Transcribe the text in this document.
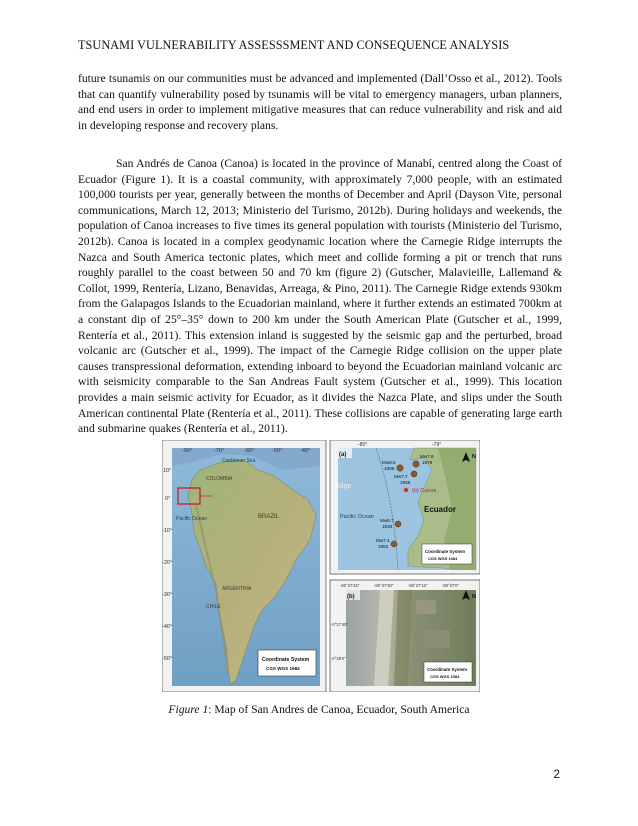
TSUNAMI VULNERABILITY ASSESSSMENT AND CONSEQUENCE ANALYSIS

future tsunamis on our communities must be advanced and implemented (Dall’Osso et al., 2012). Tools that can quantify vulnerability posed by tsunamis will be vital to emergency managers, urban planners, and end users in order to implement mitigative measures that can reduce vulnerability and risk and aid in developing response and recovery plans.

San Andrés de Canoa (Canoa) is located in the province of Manabí, centred along the Coast of Ecuador (Figure 1). It is a coastal community, with approximately 7,000 people, with an estimated 100,000 tourists per year, generally between the months of December and April (Dayson Vite, personal communications, March 12, 2013; Ministerio del Turismo, 2012b). During holidays and weekends, the population of Canoa increases to five times its general population with tourists (Ministerio del Turismo, 2012b). Canoa is located in a complex geodynamic location where the Carnegie Ridge interrupts the Nazca and South America tectonic plates, which meet and collide forming a pit or trench that runs roughly parallel to the coast between 50 and 70 km (figure 2) (Gutscher, Malavieille, Lallemand & Collot, 1999, Rentería, Lizano, Benavidas, Arreaga, & Pino, 2011). The Carnegie Ridge extends 930km from the Galapagos Islands to the Ecuadorian mainland, where it further extends an estimated 700km at a constant dip of 25°–35° down to 200 km under the South American Plate (Gutscher et al., 1999, Rentería et al., 2011). This extension inland is suggested by the seismic gap and the perturbed, broad volcanic arc (Gutscher et al., 1999). The impact of the Carnegie Ridge collision on the upper plate causes transpressional deformation, extending inboard to beyond the Ecuadorian mainland volcanic arc with seismicity comparable to the San Andreas Fault system (Gutscher et al., 1999). This location provides a main seismic activity for Ecuador, as it divides the Nazca Plate, and slips under the South American continental Plate (Rentería et al., 2011). These collisions are capable of generating large earth and submarine quakes (Rentería et al., 2011).

-90°	-70°	-60°	-50°	-40°
10°
0°
-10°
-20°
-30°
-40°
-50°
Caribbean Sea
Pacific Ocean
COLOMBIA
BRAZIL
ARGENTINA
CHILE
Coordinate System
CGS WGS 1984
-80°	-79°
(a)
idge
Pacific Ocean
Ecuador
(b) Canoa
Mw8.6
1906
Mw7.8
1979
Mw7.7
1958
Mw6.7
1933
Mw7.4
1953
N
Coordinate System
CGS WGS 1984
-80°27'45"	-80°27'30"	-80°27'15"	-80°27'0"
-0°27'45"
-0°28'0"
(b)	N
Coordinate System
CGS WGS 1984
Figure 1: Map of San Andres de Canoa, Ecuador, South America
2
